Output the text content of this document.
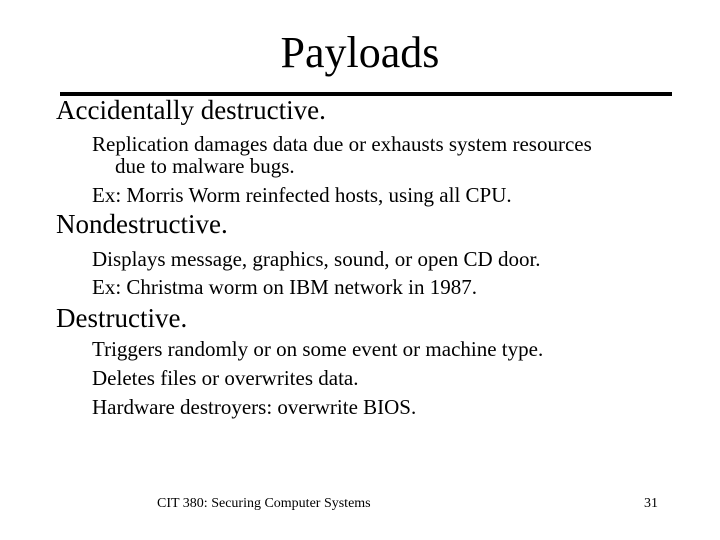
Payloads
Accidentally destructive.
Replication damages data due or exhausts system resources
due to malware bugs.
Ex: Morris Worm reinfected hosts, using all CPU.
Nondestructive.
Displays message, graphics, sound, or open CD door.
Ex: Christma worm on IBM network in 1987.
Destructive.
Triggers randomly or on some event or machine type.
Deletes files or overwrites data.
Hardware destroyers: overwrite BIOS.
CIT 380: Securing Computer Systems	31
